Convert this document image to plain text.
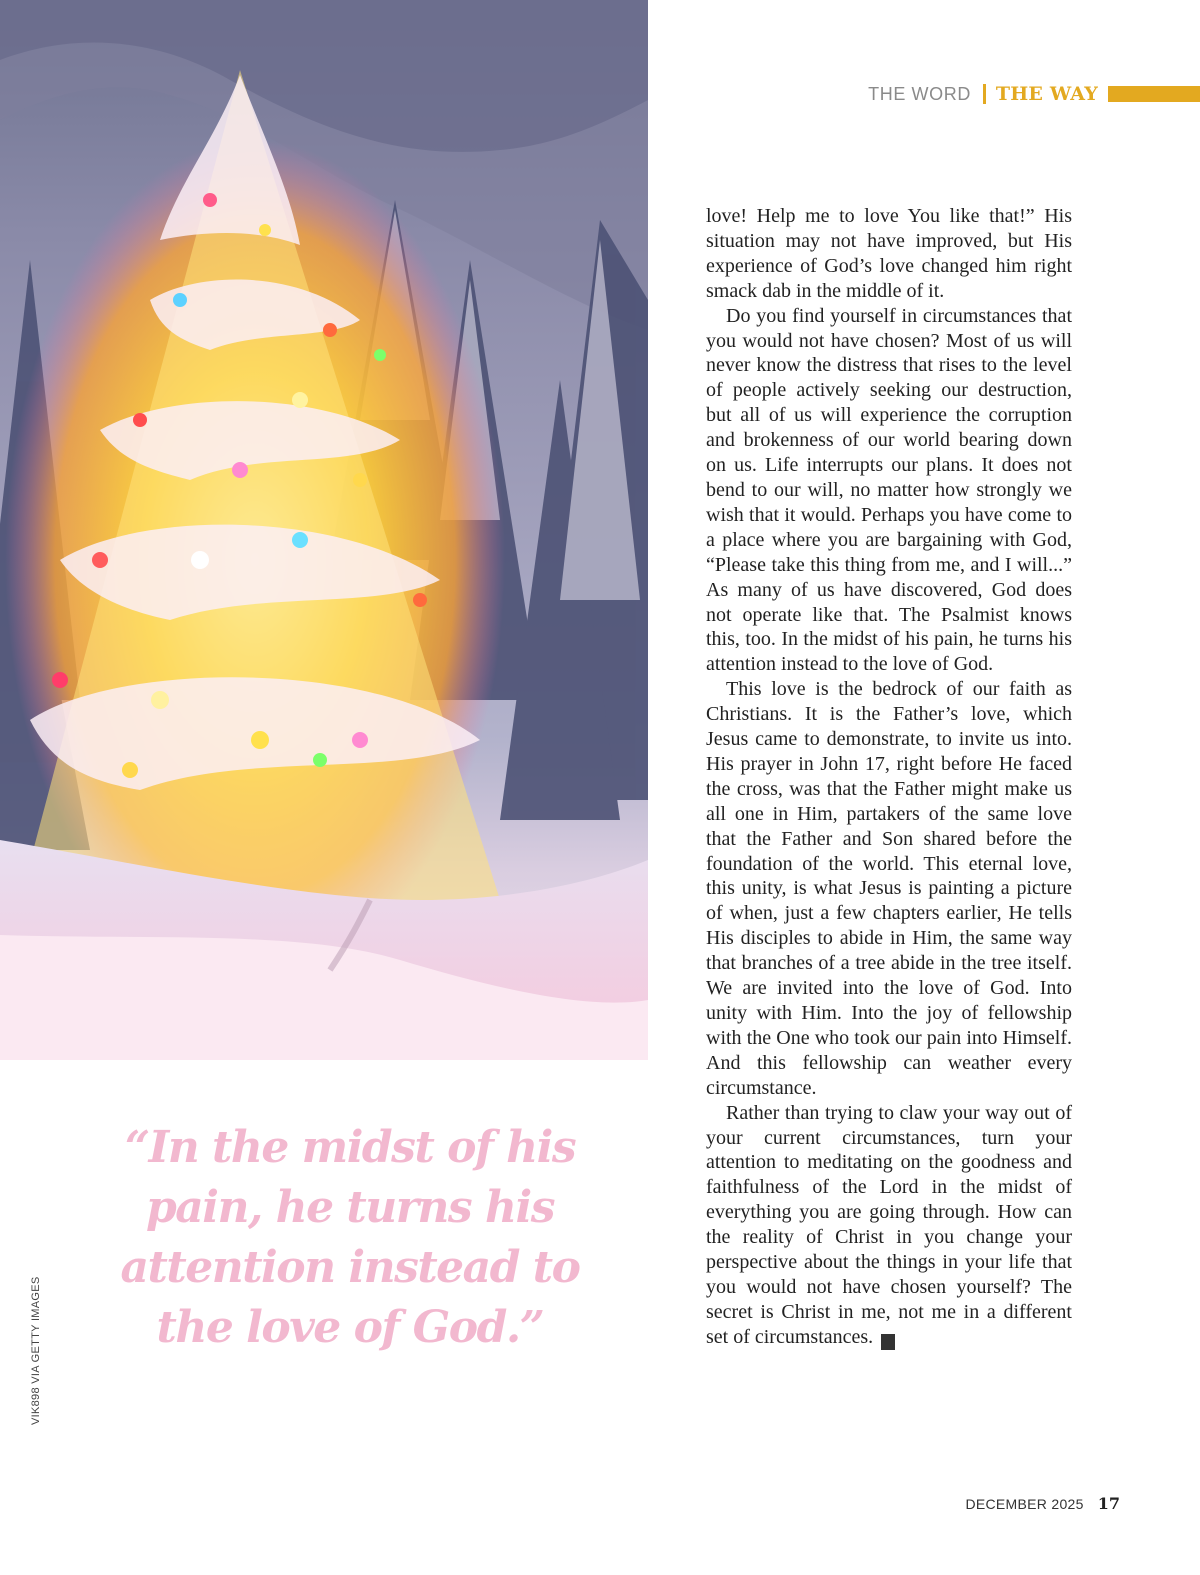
VIK898 VIA GETTY IMAGES
“In the midst of his pain, he turns his attention instead to the love of God.”
THE WORD THE WAY

love! Help me to love You like that!” His situation may not have improved, but His experience of God’s love changed him right smack dab in the middle of it.

Do you find yourself in circumstances that you would not have chosen? Most of us will never know the distress that rises to the level of people actively seeking our destruction, but all of us will experience the corruption and brokenness of our world bearing down on us. Life interrupts our plans. It does not bend to our will, no matter how strongly we wish that it would. Perhaps you have come to a place where you are bargaining with God, “Please take this thing from me, and I will...” As many of us have discovered, God does not operate like that. The Psalmist knows this, too. In the midst of his pain, he turns his attention instead to the love of God.

This love is the bedrock of our faith as Christians. It is the Father’s love, which Jesus came to demonstrate, to invite us into. His prayer in John 17, right before He faced the cross, was that the Father might make us all one in Him, partakers of the same love that the Father and Son shared before the foundation of the world. This eternal love, this unity, is what Jesus is painting a picture of when, just a few chapters earlier, He tells His disciples to abide in Him, the same way that branches of a tree abide in the tree itself. We are invited into the love of God. Into unity with Him. Into the joy of fellowship with the One who took our pain into Himself. And this fellowship can weather every circumstance.

Rather than trying to claw your way out of your current circumstances, turn your attention to meditating on the goodness and faithfulness of the Lord in the midst of everything you are going through. How can the reality of Christ in you change your perspective about the things in your life that you would not have chosen yourself? The secret is Christ in me, not me in a different set of circumstances.	W

DECEMBER 2025 17
